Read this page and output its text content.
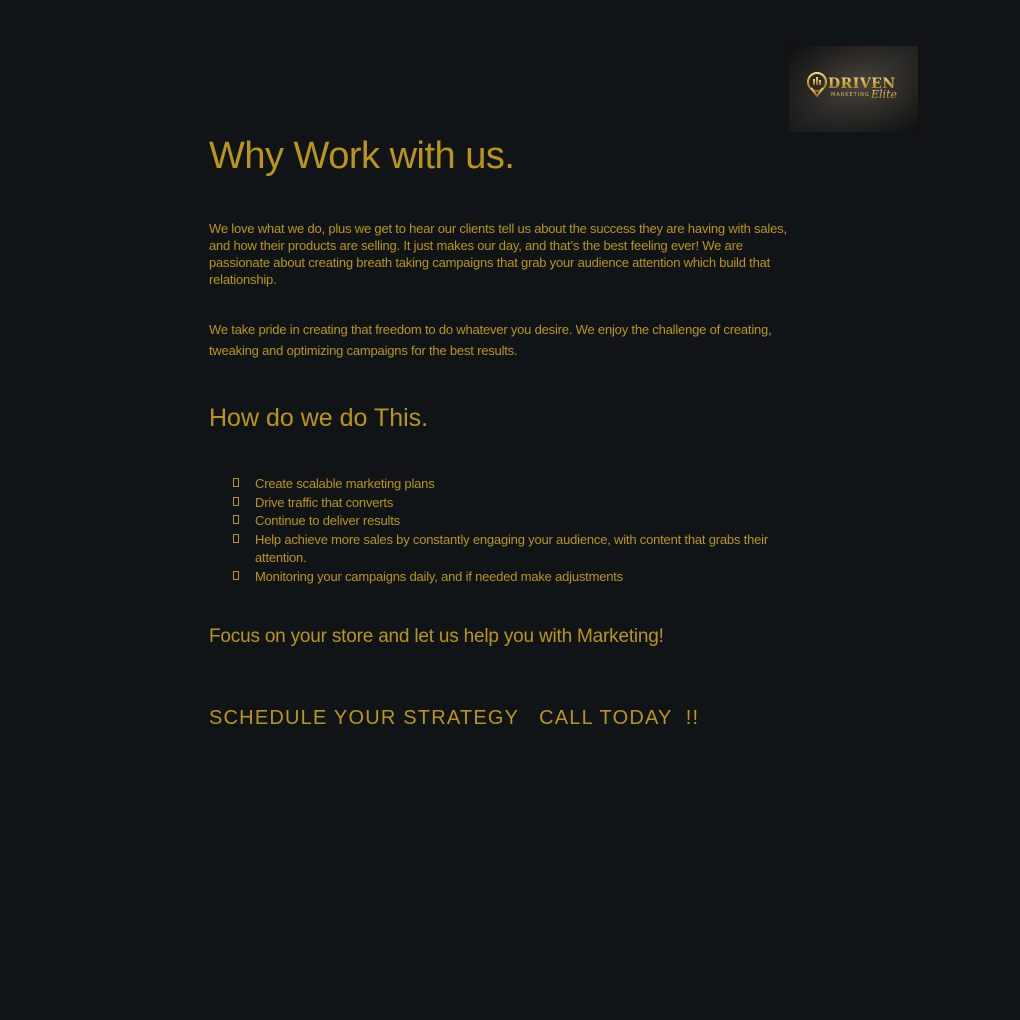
DRIVEN
MARKETING Elite
Why Work with us.

We love what we do, plus we get to hear our clients tell us about the success they are having with sales, and how their products are selling. It just makes our day, and that’s the best feeling ever! We are passionate about creating breath taking campaigns that grab your audience attention which build that relationship.

We take pride in creating that freedom to do whatever you desire. We enjoy the challenge of creating, tweaking and optimizing campaigns for the best results.

How do we do This.
Create scalable marketing plans
Drive traffic that converts
Continue to deliver results
Help achieve more sales by constantly engaging your audience, with content that grabs their attention.
Monitoring your campaigns daily, and if needed make adjustments

Focus on your store and let us help you with Marketing!

SCHEDULE YOUR STRATEGY   CALL TODAY  !!
